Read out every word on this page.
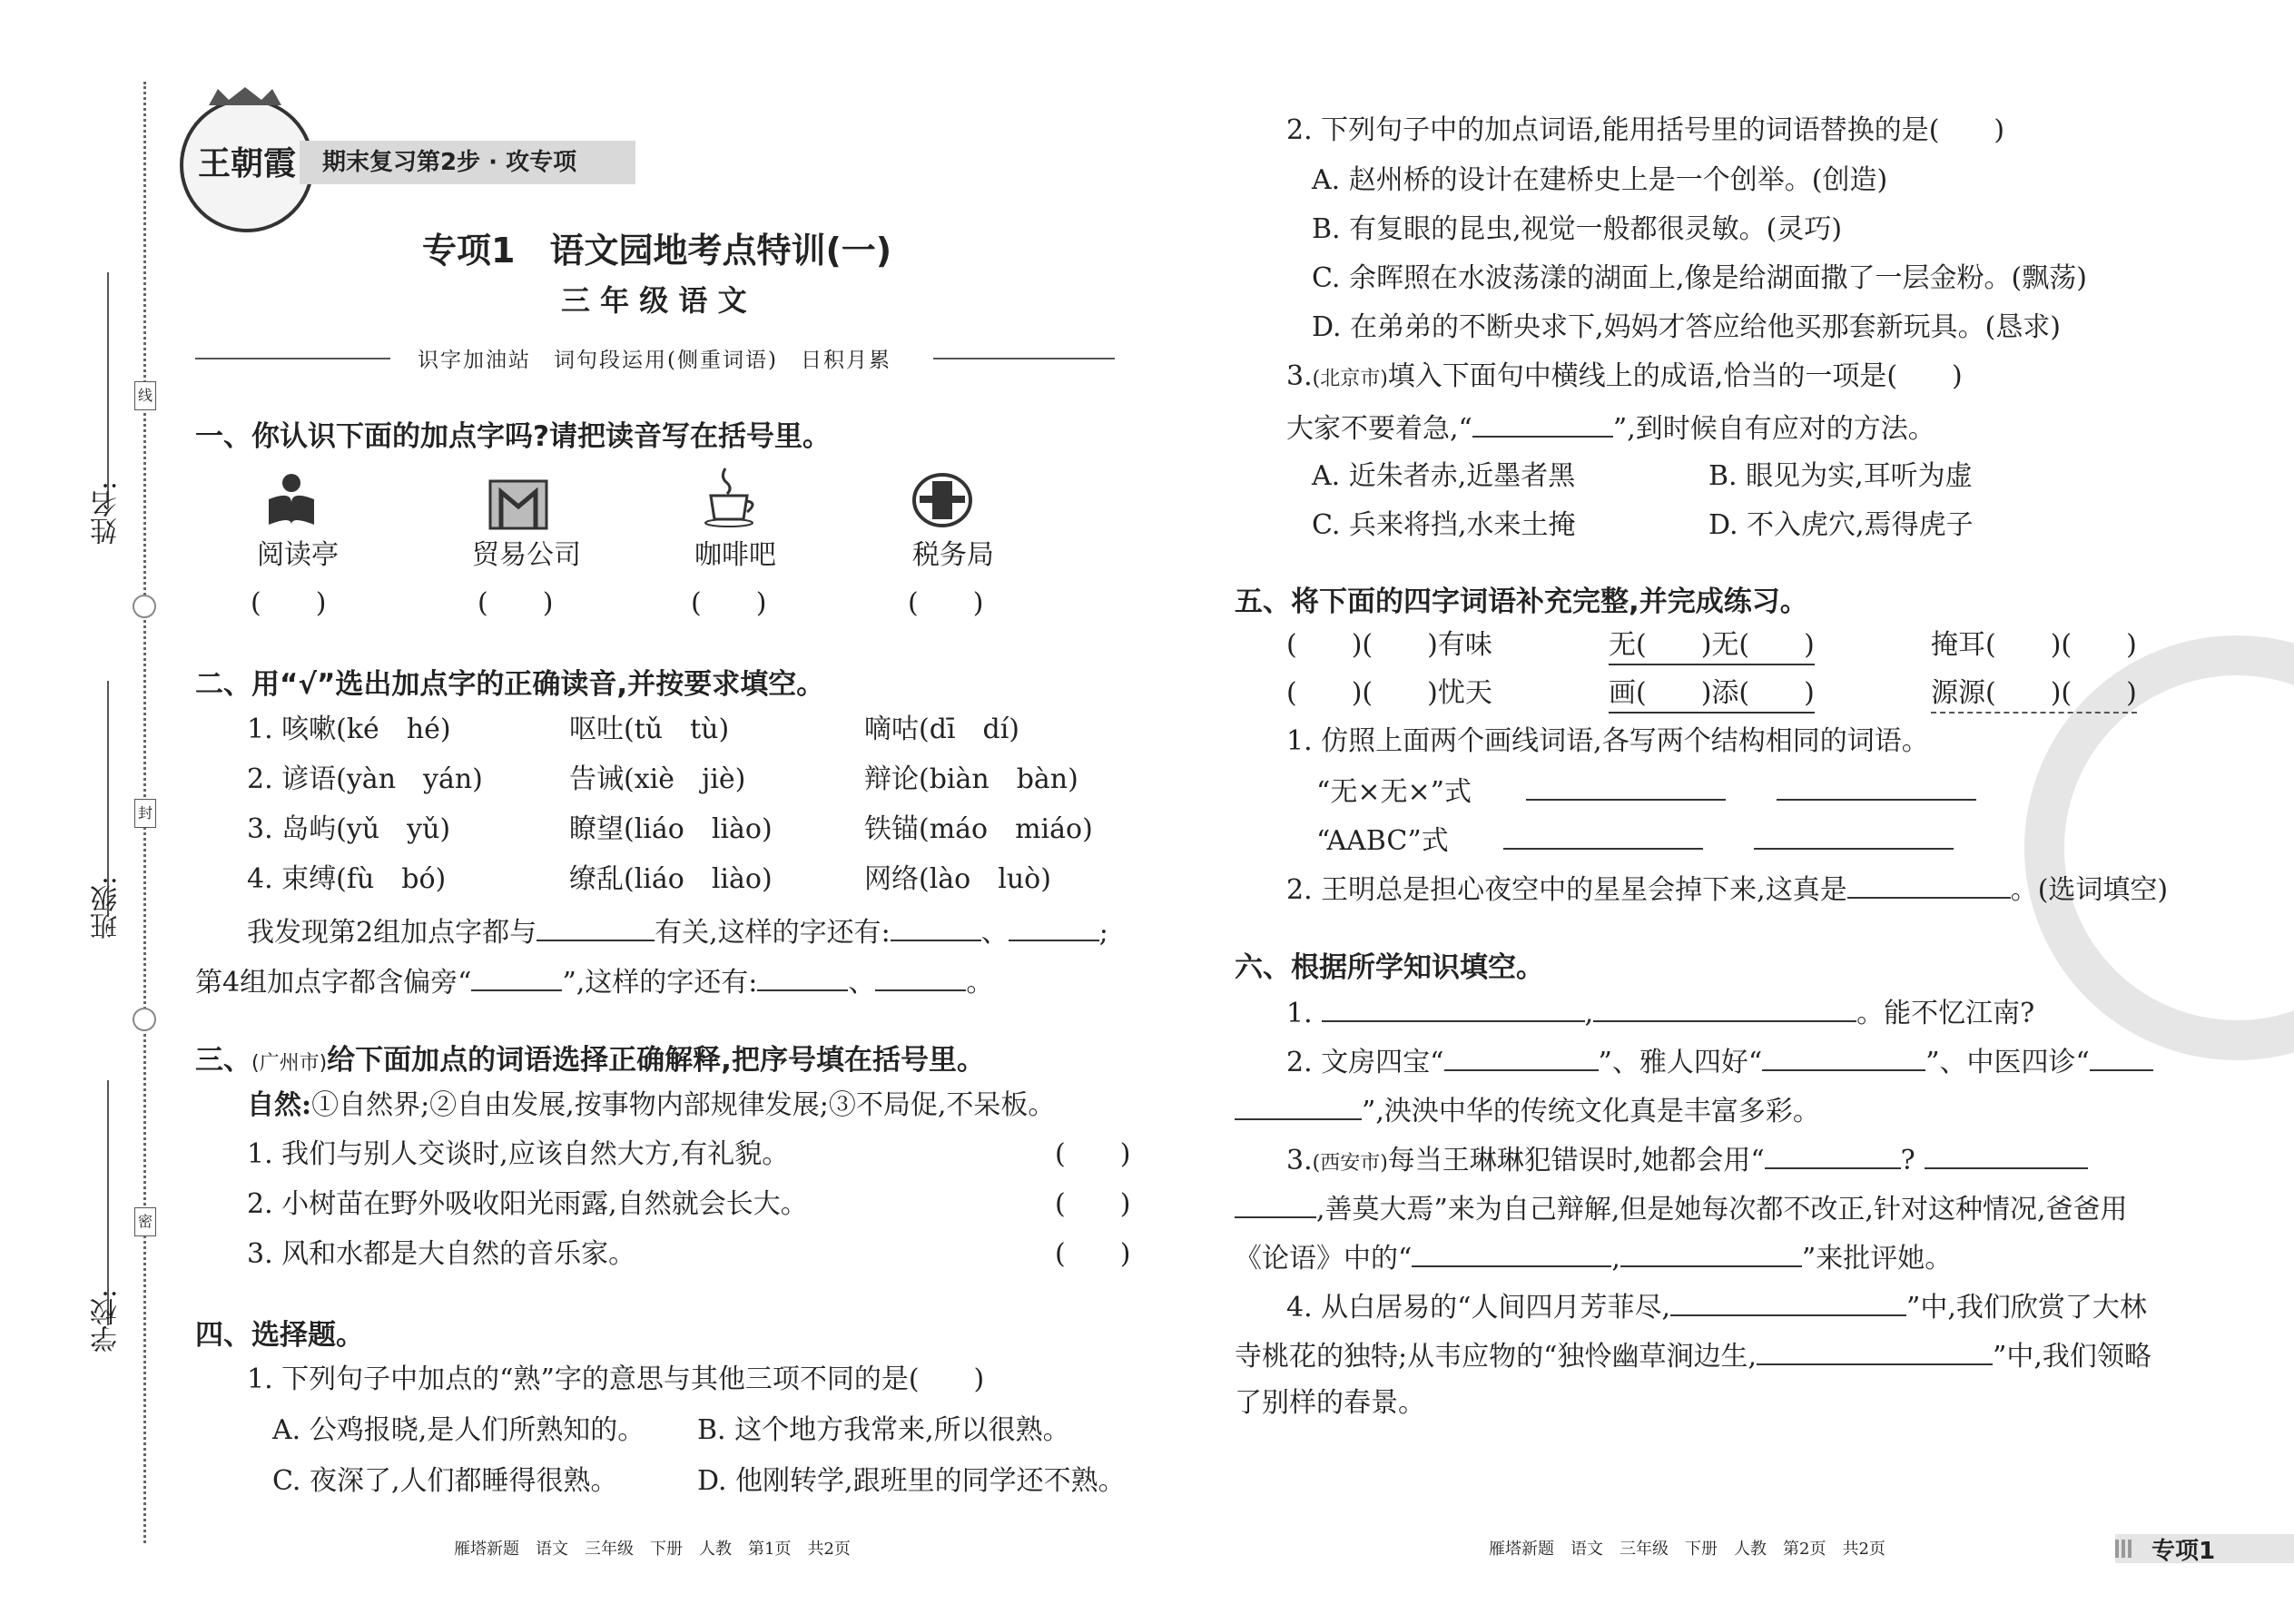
姓名:
班级:
学校:
线
封
密
王朝霞 期末复习第2步 · 攻专项
专项1　语文园地考点特训(一)
三 年 级 语 文
识字加油站　词句段运用(侧重词语)　日积月累
一、你认识下面的加点字吗?请把读音写在括号里。
阅读亭	贸易公司	咖啡吧	税务局
(　　)	(　　)	(　　)	(　　)
二、用“√”选出加点字的正确读音,并按要求填空。
1. 咳嗽(ké　hé)	呕吐(tǔ　tù)	嘀咕(dī　dí)
2. 谚语(yàn　yán)	告诫(xiè　jiè)	辩论(biàn　bàn)
3. 岛屿(yǔ　yǔ)	瞭望(liáo　liào)	铁锚(máo　miáo)
4. 束缚(fù　bó)	缭乱(liáo　liào)	网络(lào　luò)
我发现第2组加点字都与	有关,这样的字还有:	、	;
第4组加点字都含偏旁“	”,这样的字还有:	、	。
三、(广州市)给下面加点的词语选择正确解释,把序号填在括号里。
自然:①自然界;②自由发展,按事物内部规律发展;③不局促,不呆板。
1. 我们与别人交谈时,应该自然大方,有礼貌。	(　　)
2. 小树苗在野外吸收阳光雨露,自然就会长大。	(　　)
3. 风和水都是大自然的音乐家。	(　　)
四、选择题。
1. 下列句子中加点的“熟”字的意思与其他三项不同的是(　　)
A. 公鸡报晓,是人们所熟知的。 B. 这个地方我常来,所以很熟。
C. 夜深了,人们都睡得很熟。	D. 他刚转学,跟班里的同学还不熟。
雁塔新题　语文　三年级　下册　人教　第1页　共2页
2. 下列句子中的加点词语,能用括号里的词语替换的是(　　)
A. 赵州桥的设计在建桥史上是一个创举。(创造)
B. 有复眼的昆虫,视觉一般都很灵敏。(灵巧)
C. 余晖照在水波荡漾的湖面上,像是给湖面撒了一层金粉。(飘荡)
D. 在弟弟的不断央求下,妈妈才答应给他买那套新玩具。(恳求)
3.(北京市)填入下面句中横线上的成语,恰当的一项是(　　)
大家不要着急,“	”,到时候自有应对的方法。
A. 近朱者赤,近墨者黑	B. 眼见为实,耳听为虚
C. 兵来将挡,水来土掩	D. 不入虎穴,焉得虎子
五、将下面的四字词语补充完整,并完成练习。
(　　)(　　)有味	无(　　)无(　　)	掩耳(　　)(　　)
(　　)(　　)忧天	画(　　)添(　　)	源源(　　)(　　)
1. 仿照上面两个画线词语,各写两个结构相同的词语。
“无×无×”式
“AABC”式
2. 王明总是担心夜空中的星星会掉下来,这真是	。(选词填空)
六、根据所学知识填空。
1.	,	。能不忆江南?
2. 文房四宝“	”、雅人四好“	”、中医四诊“
”,泱泱中华的传统文化真是丰富多彩。
3.(西安市)每当王琳琳犯错误时,她都会用“	?
,善莫大焉”来为自己辩解,但是她每次都不改正,针对这种情况,爸爸用
《论语》中的“	,	”来批评她。
4. 从白居易的“人间四月芳菲尽,	”中,我们欣赏了大林
寺桃花的独特;从韦应物的“独怜幽草涧边生,	”中,我们领略
了别样的春景。
雁塔新题　语文　三年级　下册　人教　第2页　共2页	专项1
